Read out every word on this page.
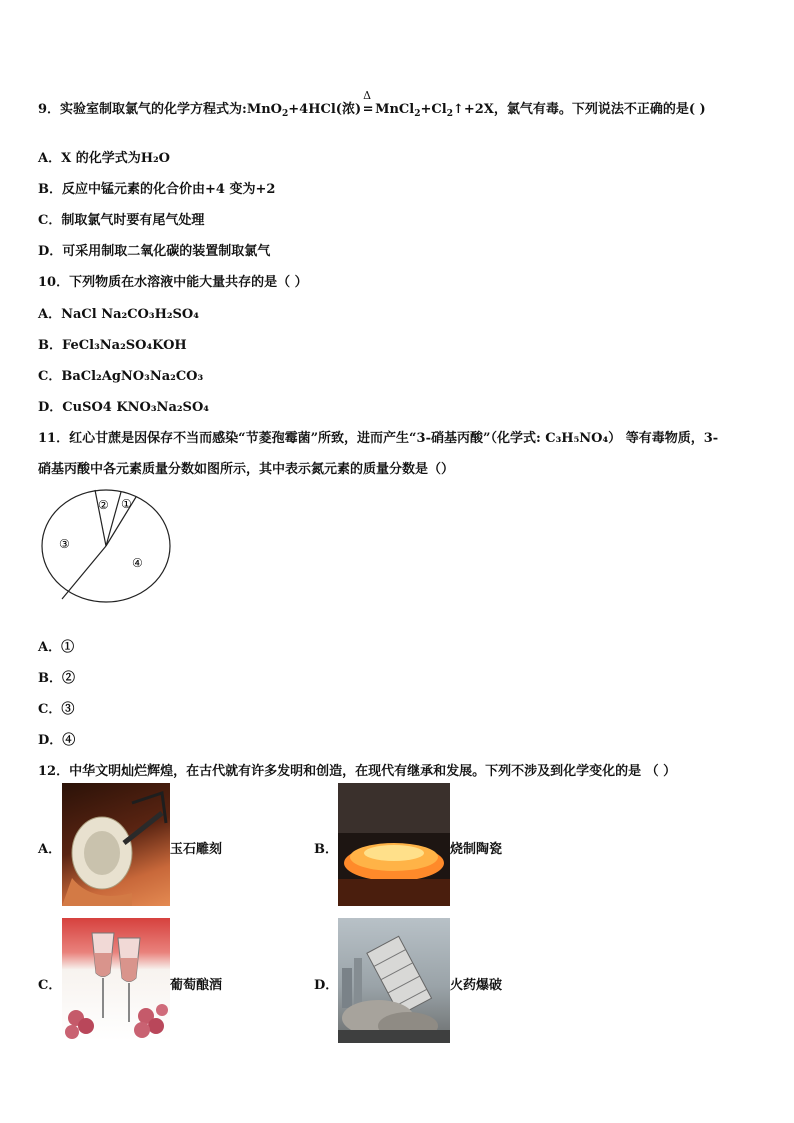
9．实验室制取氯气的化学方程式为:MnO$_2$+4HCl(浓)
Δ
= $MnCl_2+Cl_2↑+2X$，氯气有毒。下列说法不正确的是( )
A．X 的化学式为H₂O
B．反应中锰元素的化合价由+4 变为+2
C．制取氯气时要有尾气处理
D．可采用制取二氧化碳的装置制取氯气
10．下列物质在水溶液中能大量共存的是（ ）
A．NaCl Na₂CO₃H₂SO₄
B．FeCl₃Na₂SO₄KOH
C．BaCl₂AgNO₃Na₂CO₃
D．CuSO4 KNO₃Na₂SO₄
11．红心甘蔗是因保存不当而感染“节菱孢霉菌”所致，进而产生“3-硝基丙酸”（化学式: C₃H₅NO₄） 等有毒物质，3-
硝基丙酸中各元素质量分数如图所示，其中表示氮元素的质量分数是（）
①
②
③
④
A．①
B．②
C．③
D．④
12．中华文明灿烂辉煌，在古代就有许多发明和创造，在现代有继承和发展。下列不涉及到化学变化的是 （ ）
A．	玉石雕刻	B．	烧制陶瓷
C．	葡萄酿酒	D．	火药爆破
